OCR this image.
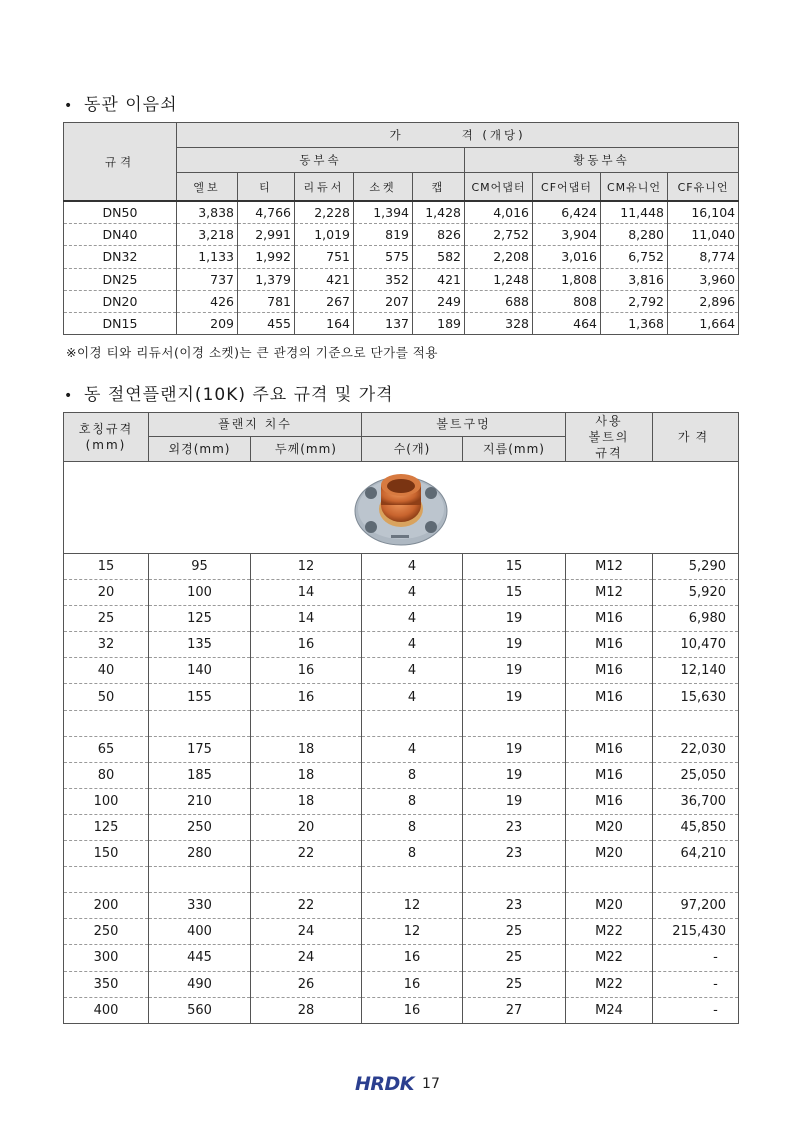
• 동관 이음쇠
규격	가　　　　격 (개당)								
	동부속					황동부속			
	엘보	티	리듀서	소켓	캡	CM어댑터	CF어댑터	CM유니언	CF유니언
DN50	3,838	4,766	2,228	1,394	1,428	4,016	6,424	11,448	16,104
DN40	3,218	2,991	1,019	819	826	2,752	3,904	8,280	11,040
DN32	1,133	1,992	751	575	582	2,208	3,016	6,752	8,774
DN25	737	1,379	421	352	421	1,248	1,808	3,816	3,960
DN20	426	781	267	207	249	688	808	2,792	2,896
DN15	209	455	164	137	189	328	464	1,368	1,664
※이경 티와 리듀서(이경 소켓)는 큰 관경의 기준으로 단가를 적용
• 동 절연플랜지(10K) 주요 규격 및 가격

호칭규격
(mm)	플랜지 치수		볼트구멍		사용
볼트의
규격	가격
	외경(mm)	두께(mm)	수(개)	지름(mm)		
15	95	12	4	15	M12	5,290
20	100	14	4	15	M12	5,920
25	125	14	4	19	M16	6,980
32	135	16	4	19	M16	10,470
40	140	16	4	19	M16	12,140
50	155	16	4	19	M16	15,630

65	175	18	4	19	M16	22,030
80	185	18	8	19	M16	25,050
100	210	18	8	19	M16	36,700
125	250	20	8	23	M20	45,850
150	280	22	8	23	M20	64,210

200	330	22	12	23	M20	97,200
250	400	24	12	25	M22	215,430
300	445	24	16	25	M22	-
350	490	26	16	25	M22	-
400	560	28	16	27	M24	-
HRDK 17
